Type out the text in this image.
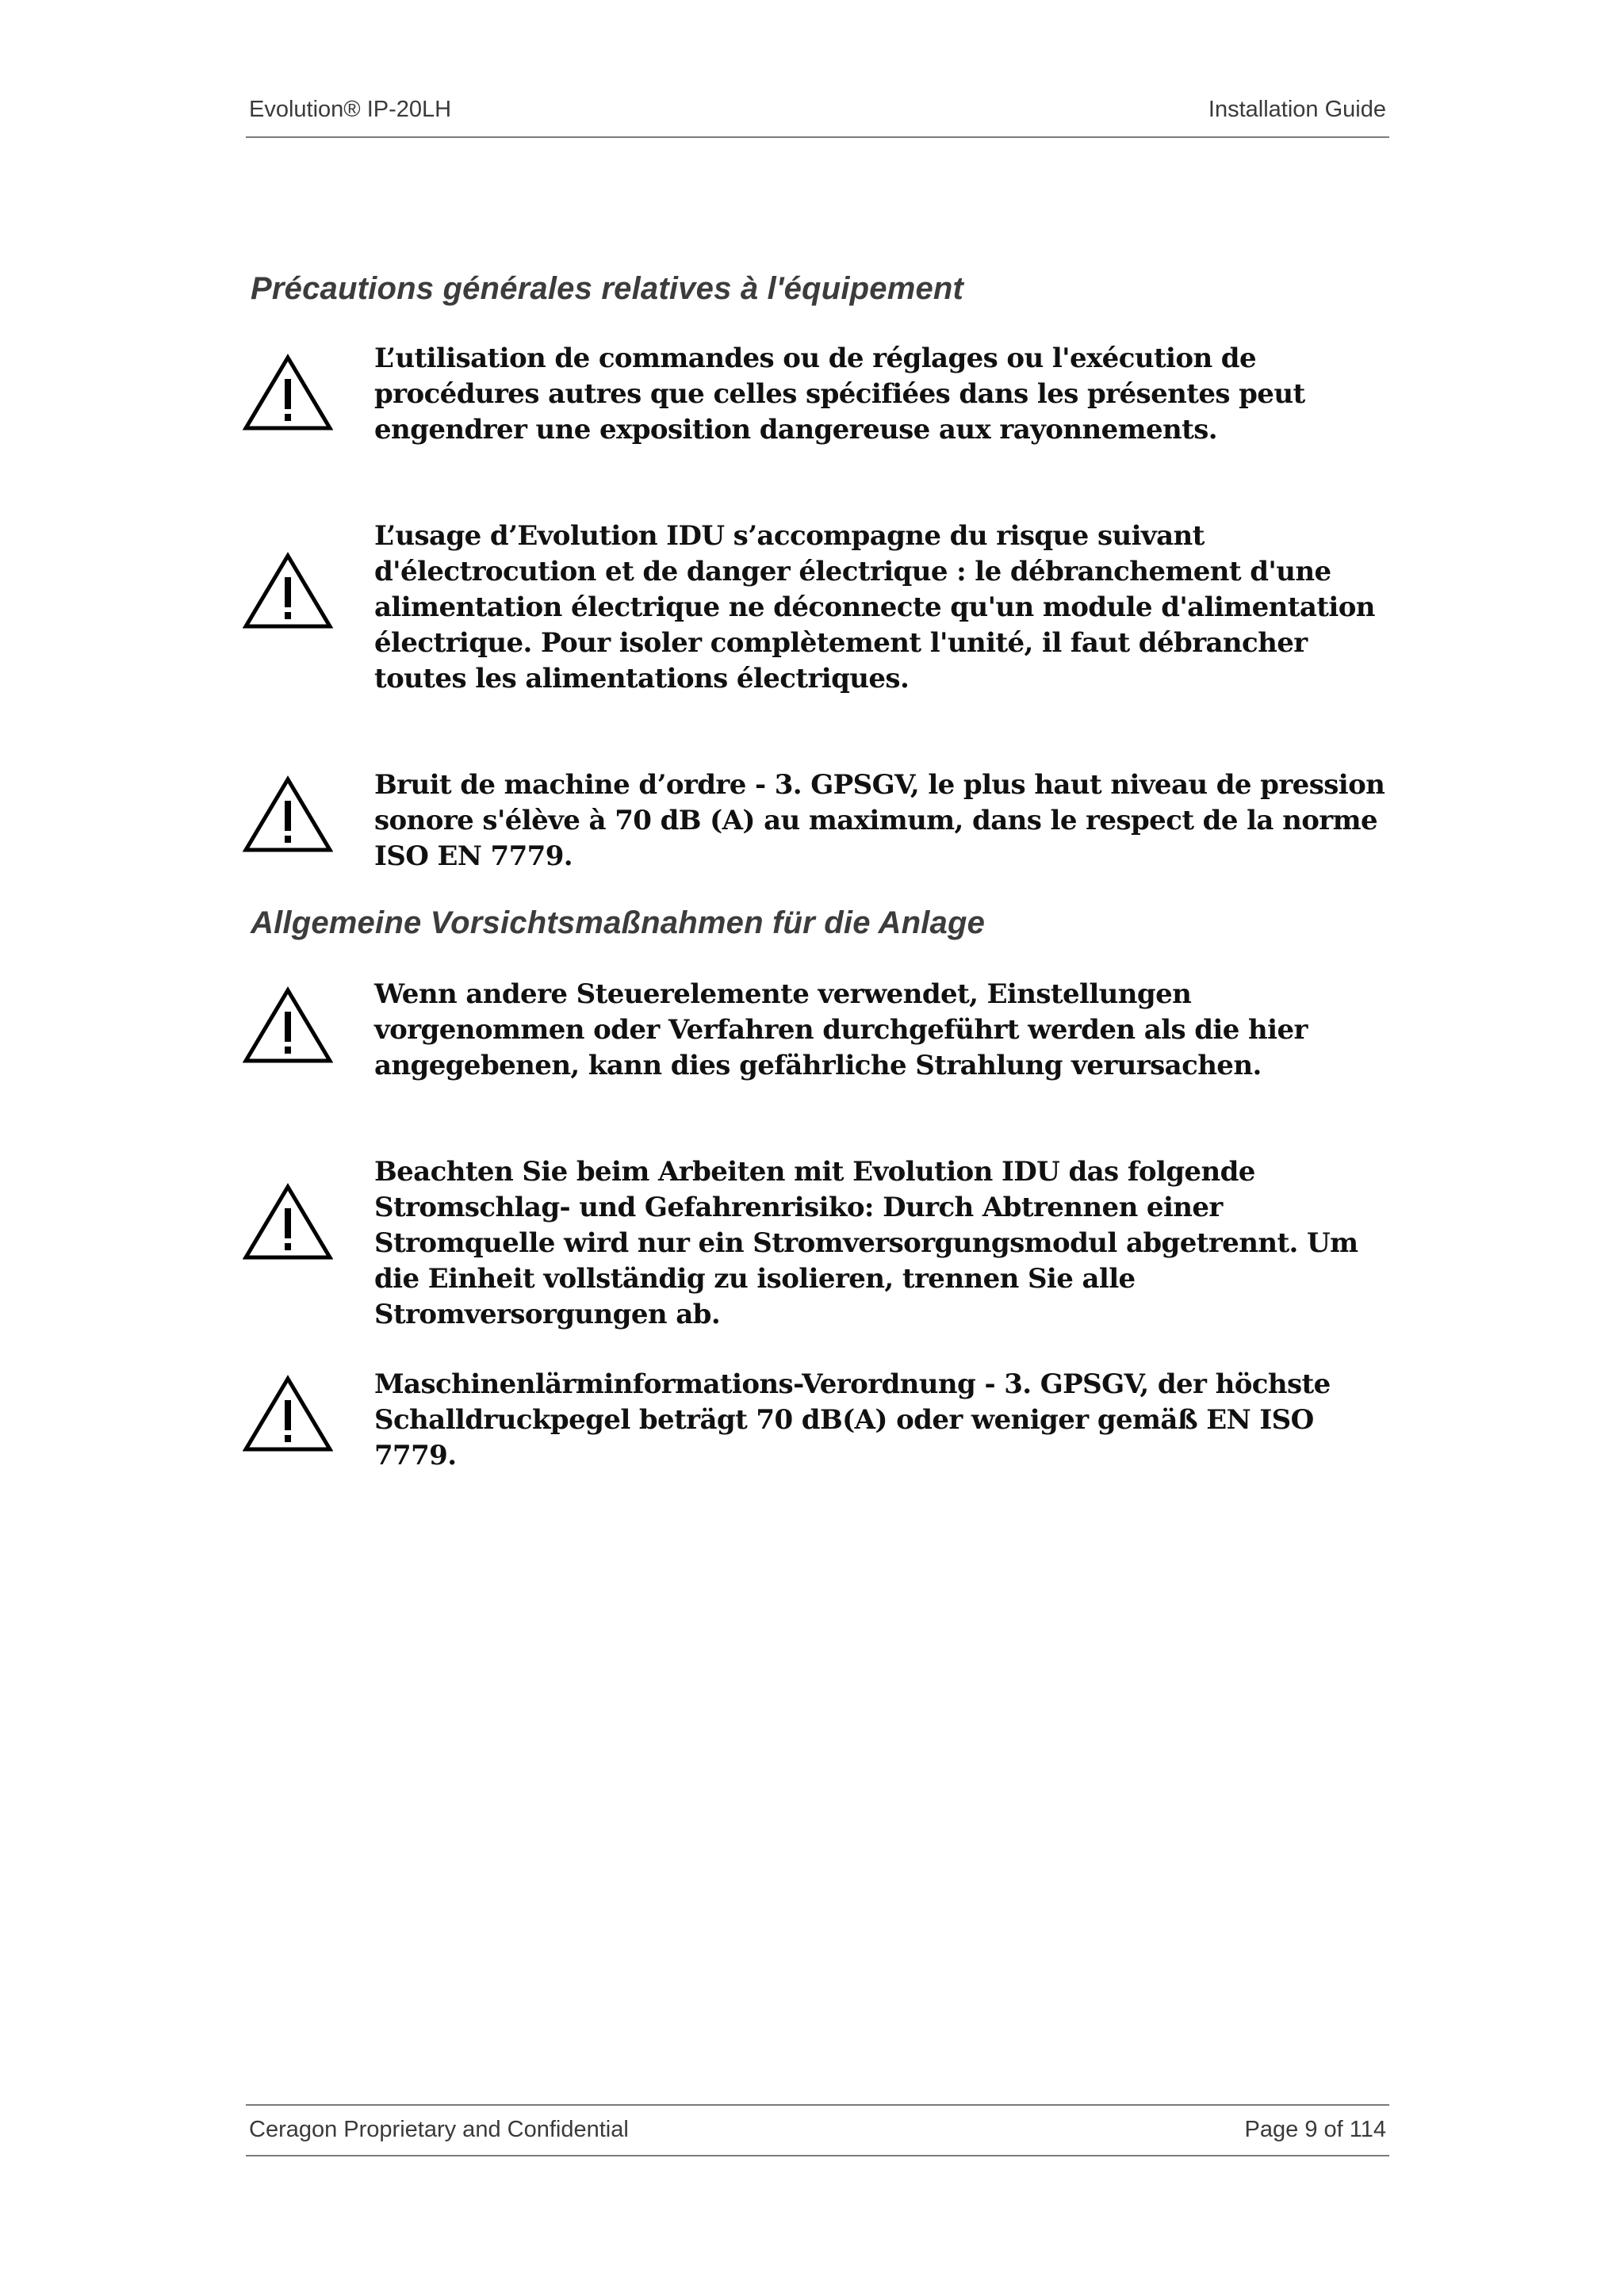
Evolution® IP-20LH	Installation Guide
Précautions générales relatives à l'équipement
L’utilisation de commandes ou de réglages ou l'exécution de procédures autres que celles spécifiées dans les présentes peut engendrer une exposition dangereuse aux rayonnements.
L’usage d’Evolution IDU s’accompagne du risque suivant d'électrocution et de danger électrique : le débranchement d'une alimentation électrique ne déconnecte qu'un module d'alimentation électrique. Pour isoler complètement l'unité, il faut débrancher toutes les alimentations électriques.
Bruit de machine d’ordre - 3. GPSGV, le plus haut niveau de pression sonore s'élève à 70 dB (A) au maximum, dans le respect de la norme ISO EN 7779.
Allgemeine Vorsichtsmaßnahmen für die Anlage
Wenn andere Steuerelemente verwendet, Einstellungen vorgenommen oder Verfahren durchgeführt werden als die hier angegebenen, kann dies gefährliche Strahlung verursachen.
Beachten Sie beim Arbeiten mit Evolution IDU das folgende Stromschlag- und Gefahrenrisiko: Durch Abtrennen einer Stromquelle wird nur ein Stromversorgungsmodul abgetrennt. Um die Einheit vollständig zu isolieren, trennen Sie alle Stromversorgungen ab.
Maschinenlärminformations-Verordnung - 3. GPSGV, der höchste Schalldruckpegel beträgt 70 dB(A) oder weniger gemäß EN ISO 7779.
Ceragon Proprietary and Confidential	Page 9 of 114
